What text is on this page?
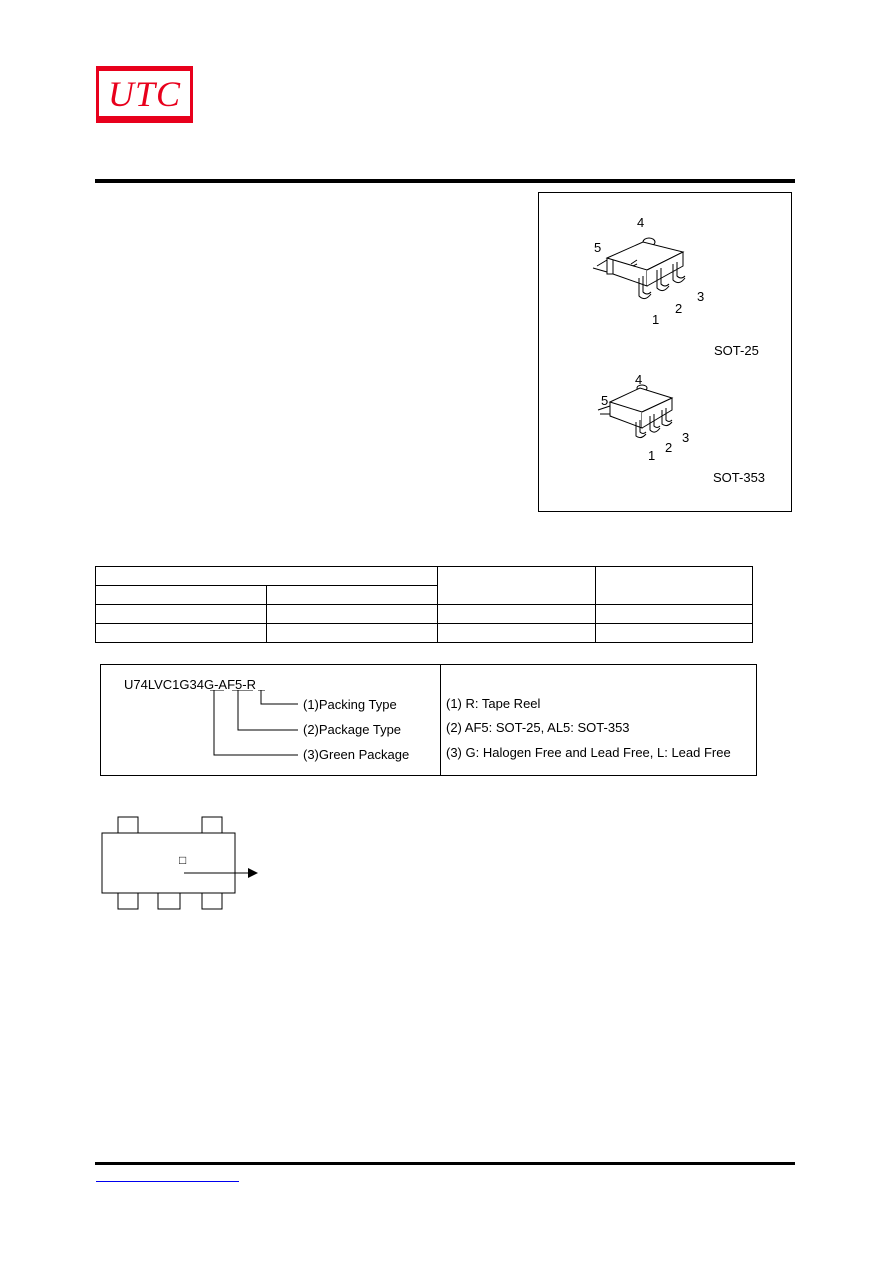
UTC
4
5
3
2
1
SOT-25
4
5
3
2
1
SOT-353

U74LVC1G34G-AF5-R
(1)Packing Type
(2)Package Type
(3)Green Package
(1) R: Tape Reel
(2) AF5: SOT-25, AL5: SOT-353
(3) G: Halogen Free and Lead Free, L: Lead Free
□
